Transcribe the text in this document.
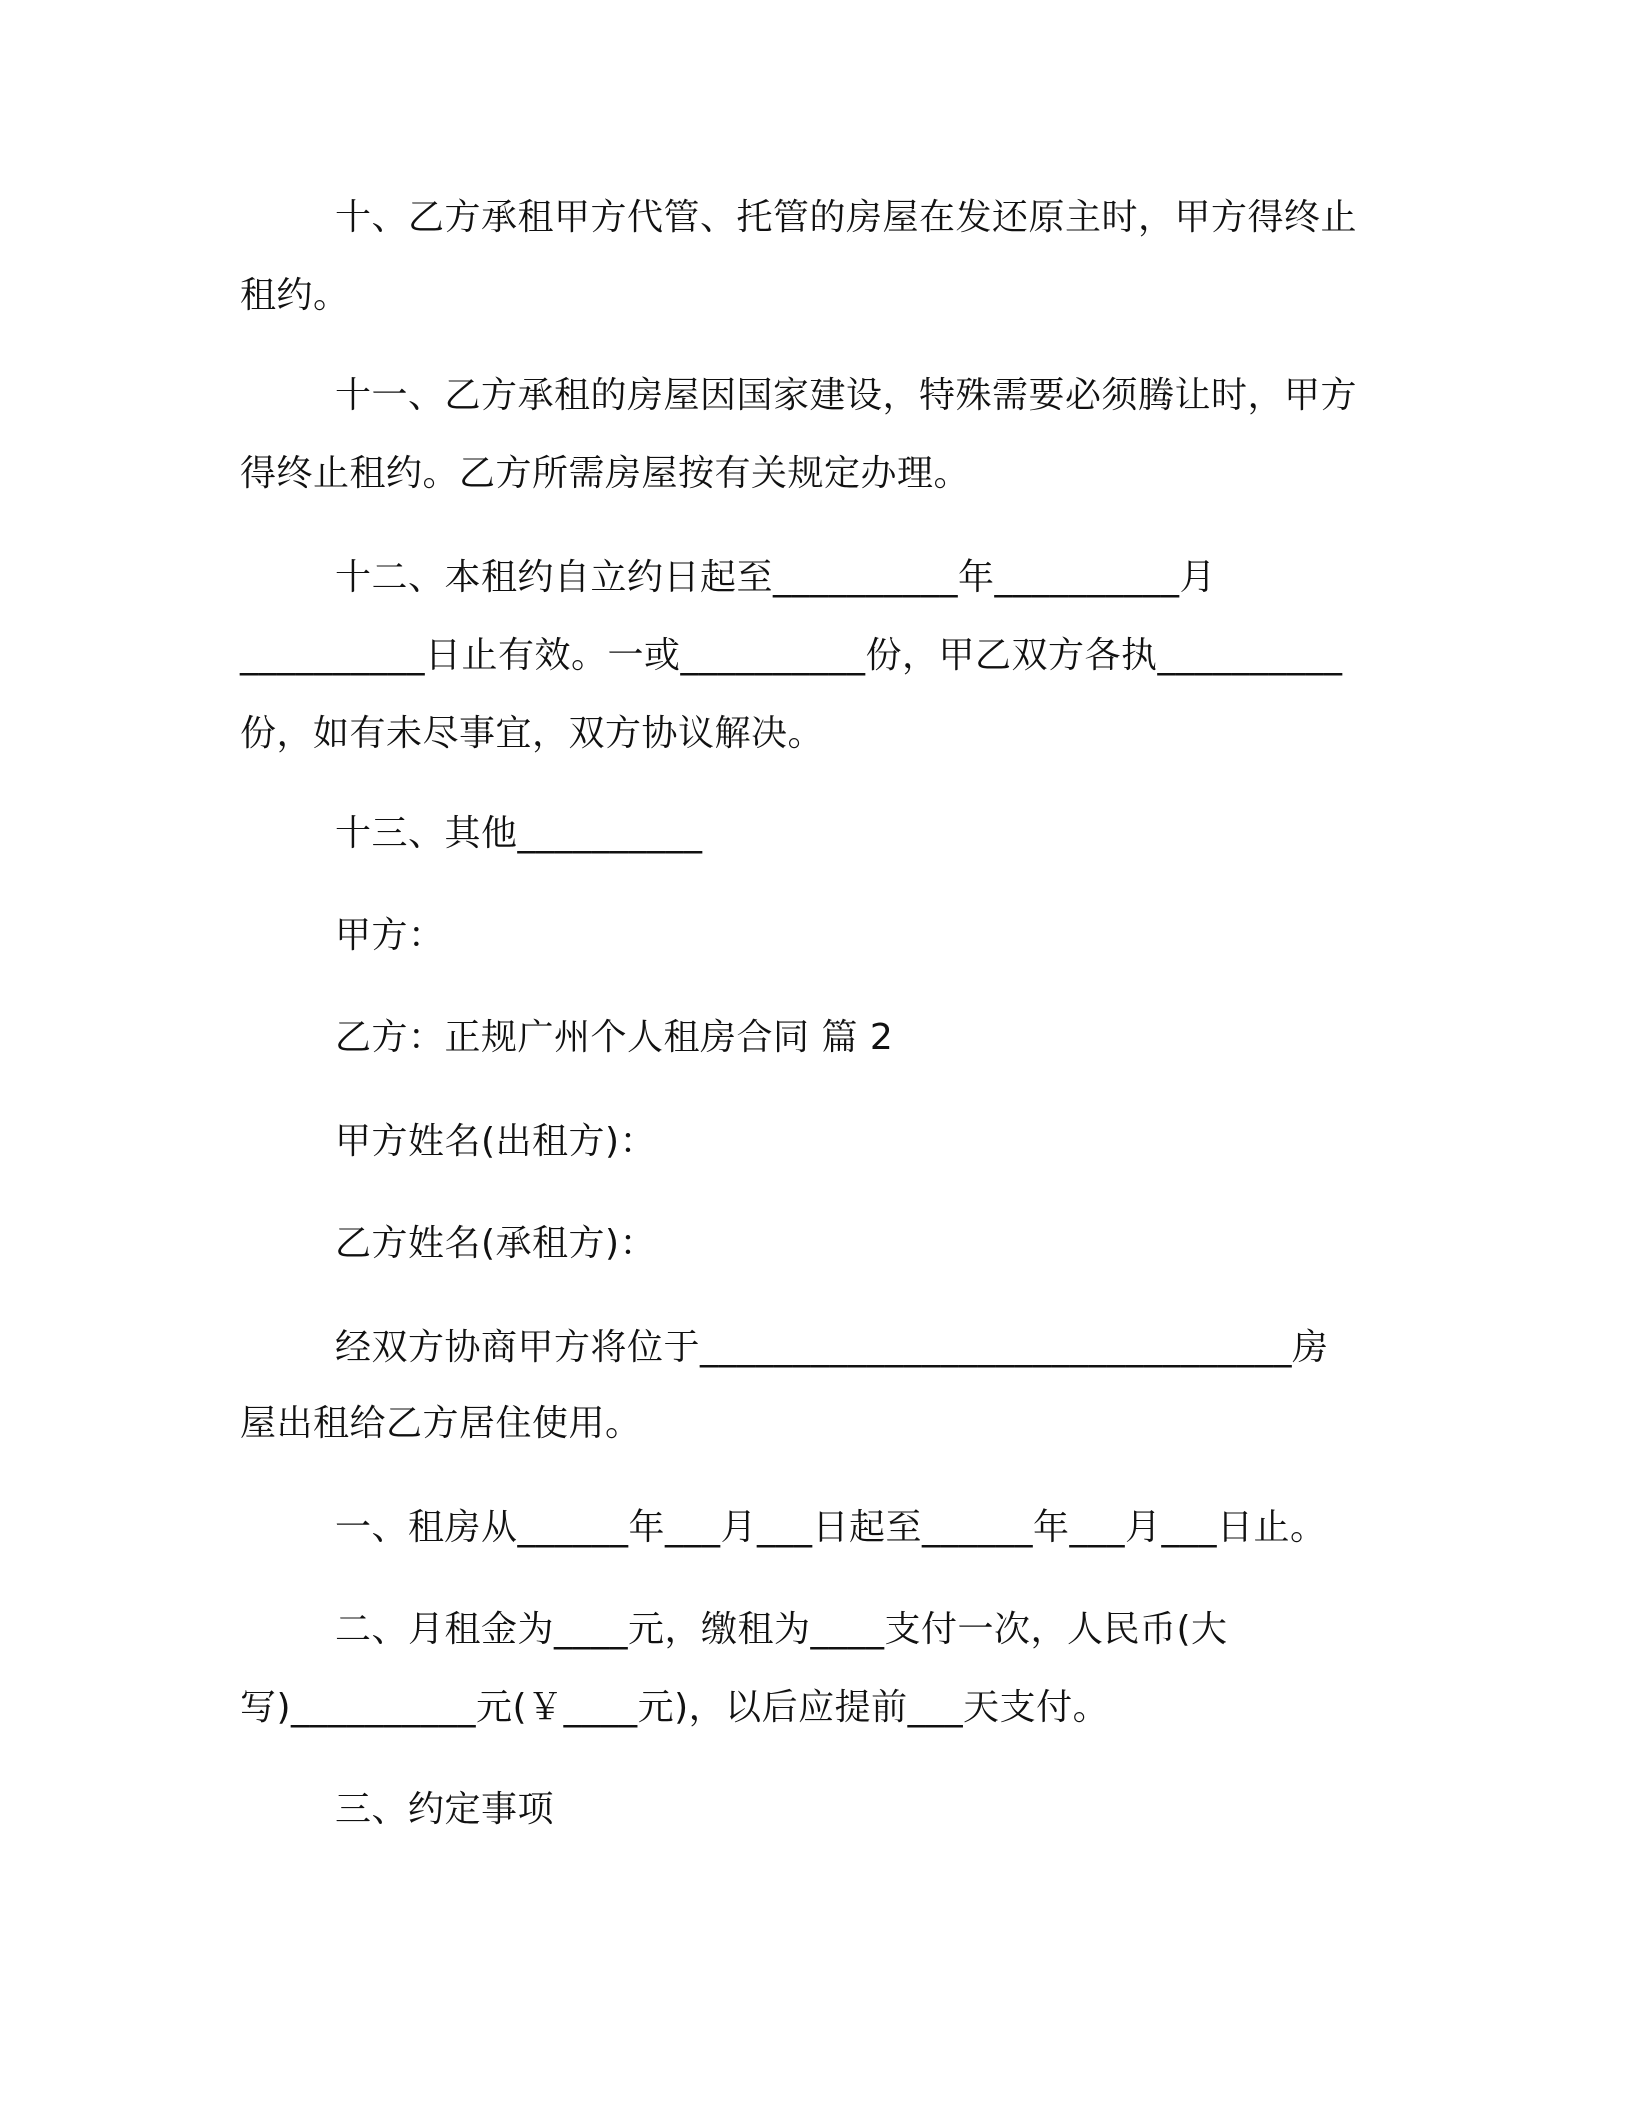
十、乙方承租甲方代管、托管的房屋在发还原主时，甲方得终止
租约。
十一、乙方承租的房屋因国家建设，特殊需要必须腾让时，甲方
得终止租约。乙方所需房屋按有关规定办理。
十二、本租约自立约日起至__________年__________月
__________日止有效。一或__________份，甲乙双方各执__________
份，如有未尽事宜，双方协议解决。
十三、其他__________
甲方：
乙方：正规广州个人租房合同 篇 2
甲方姓名(出租方)：
乙方姓名(承租方)：
经双方协商甲方将位于________________________________房
屋出租给乙方居住使用。
一、租房从______年___月___日起至______年___月___日止。
二、月租金为____元，缴租为____支付一次，人民币(大
写)__________元(￥____元)，以后应提前___天支付。
三、约定事项
